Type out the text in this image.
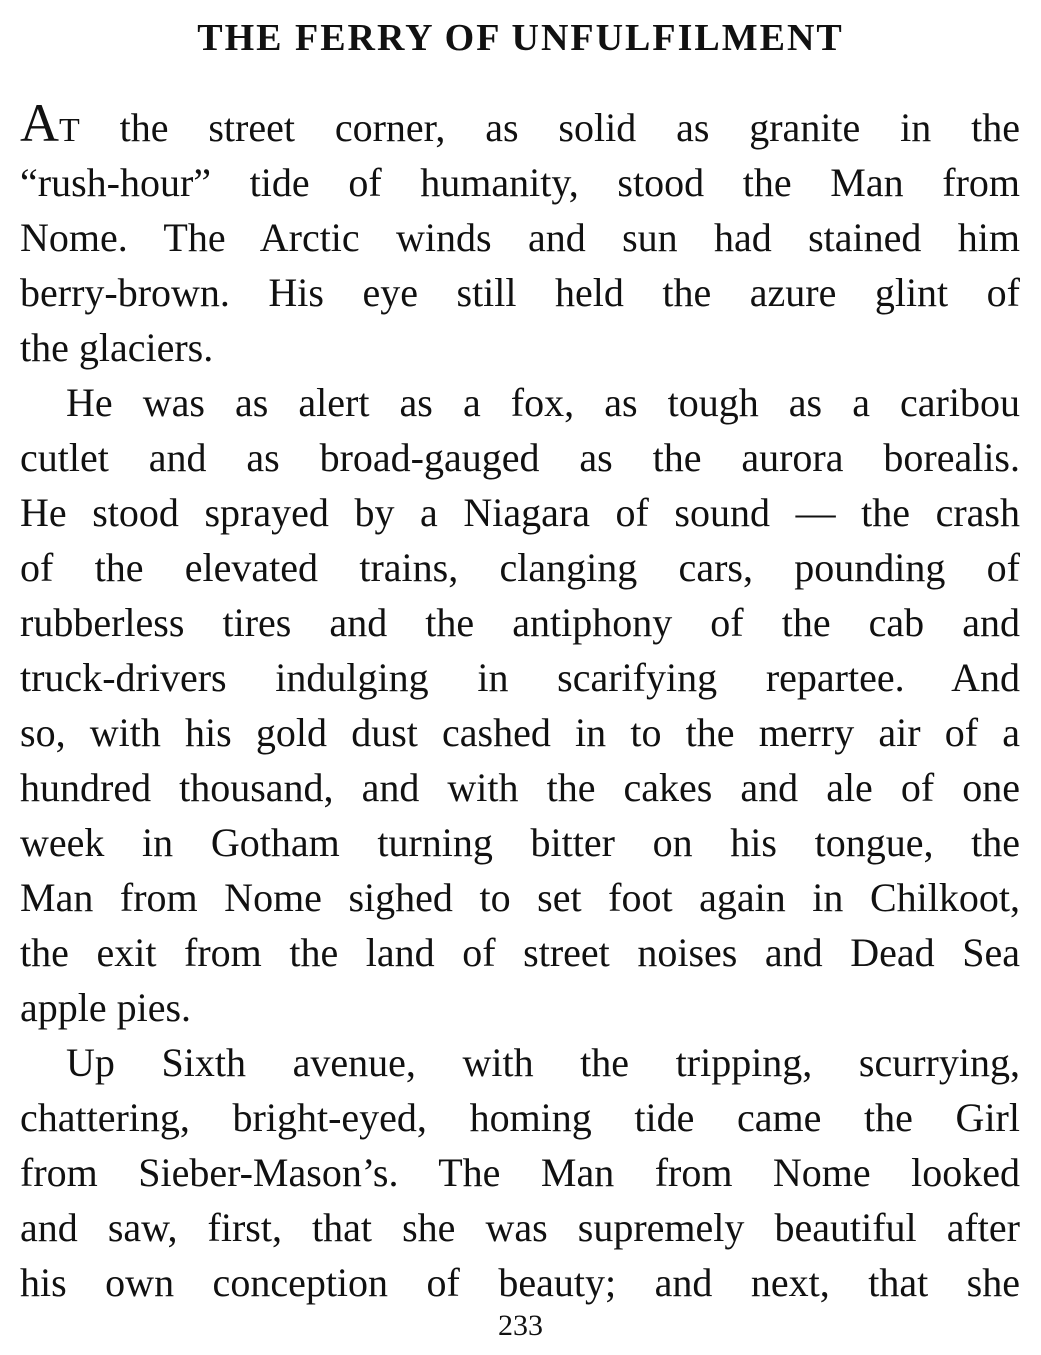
THE FERRY OF UNFULFILMENT
AT the street corner, as solid as granite in the
“rush-hour” tide of humanity, stood the Man from
Nome. The Arctic winds and sun had stained him
berry-brown. His eye still held the azure glint of
the glaciers.
He was as alert as a fox, as tough as a caribou
cutlet and as broad-gauged as the aurora borealis.
He stood sprayed by a Niagara of sound — the crash
of the elevated trains, clanging cars, pounding of
rubberless tires and the antiphony of the cab and
truck-drivers indulging in scarifying repartee. And
so, with his gold dust cashed in to the merry air of a
hundred thousand, and with the cakes and ale of one
week in Gotham turning bitter on his tongue, the
Man from Nome sighed to set foot again in Chilkoot,
the exit from the land of street noises and Dead Sea
apple pies.
Up Sixth avenue, with the tripping, scurrying,
chattering, bright-eyed, homing tide came the Girl
from Sieber-Mason’s. The Man from Nome looked
and saw, first, that she was supremely beautiful after
his own conception of beauty; and next, that she
233
